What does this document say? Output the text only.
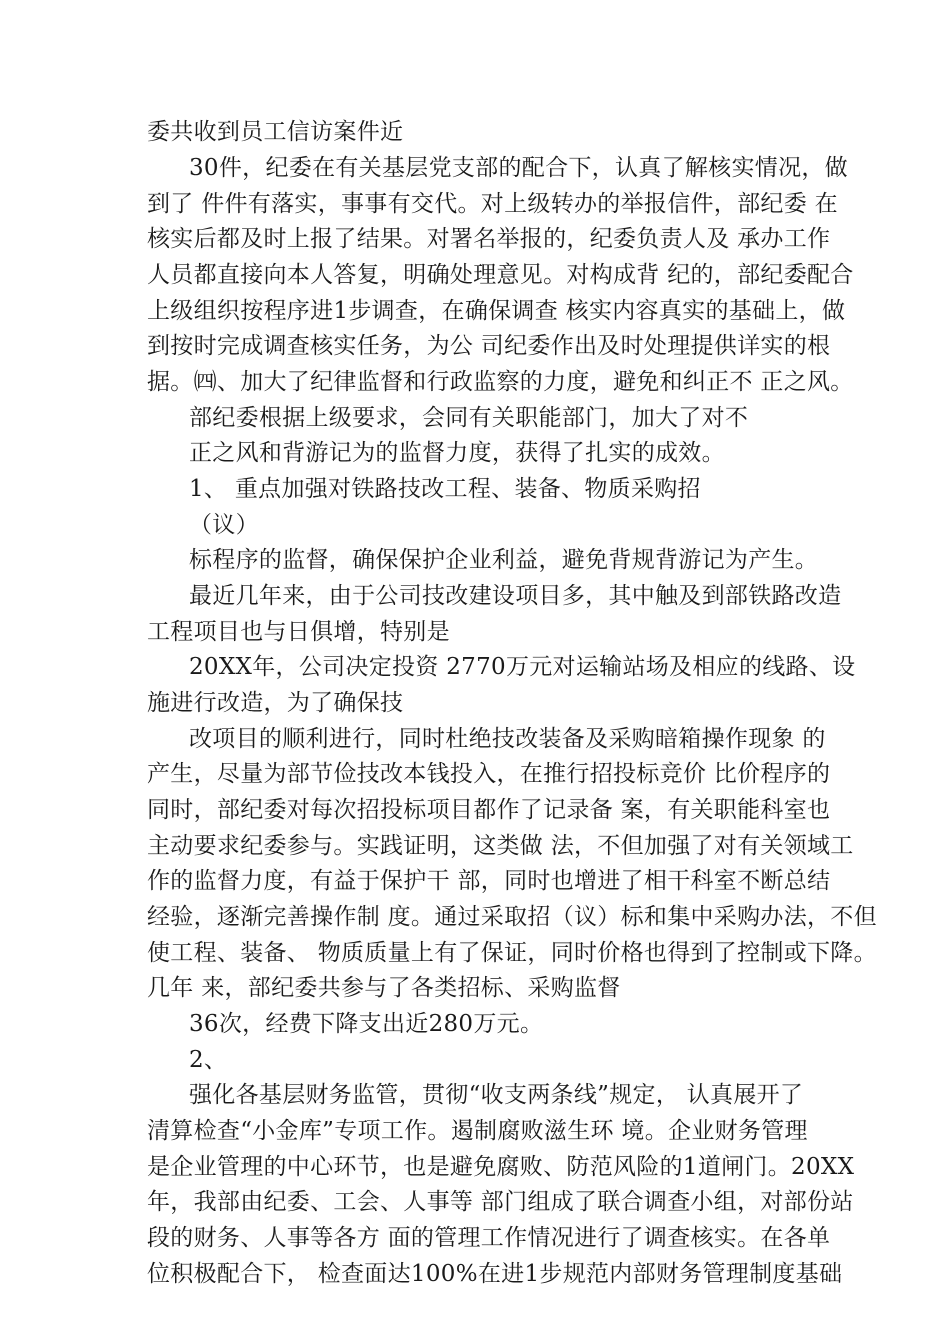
委共收到员工信访案件近
30件，纪委在有关基层党支部的配合下，认真了解核实情况，做
到了 件件有落实，事事有交代。对上级转办的举报信件，部纪委 在
核实后都及时上报了结果。对署名举报的，纪委负责人及 承办工作
人员都直接向本人答复，明确处理意见。对构成背 纪的，部纪委配合
上级组织按程序进1步调查，在确保调查 核实内容真实的基础上，做
到按时完成调查核实任务，为公 司纪委作出及时处理提供详实的根
据。㈣、加大了纪律监督和行政监察的力度，避免和纠正不 正之风。
部纪委根据上级要求，会同有关职能部门，加大了对不
正之风和背游记为的监督力度，获得了扎实的成效。
1、 重点加强对铁路技改工程、装备、物质采购招
（议）
标程序的监督，确保保护企业利益，避免背规背游记为产生。
最近几年来，由于公司技改建设项目多，其中触及到部铁路改造
工程项目也与日俱增，特别是
20XX年，公司决定投资 2770万元对运输站场及相应的线路、设
施进行改造，为了确保技
改项目的顺利进行，同时杜绝技改装备及采购暗箱操作现象 的
产生，尽量为部节俭技改本钱投入，在推行招投标竞价 比价程序的
同时，部纪委对每次招投标项目都作了记录备 案，有关职能科室也
主动要求纪委参与。实践证明，这类做 法，不但加强了对有关领域工
作的监督力度，有益于保护干 部，同时也增进了相干科室不断总结
经验，逐渐完善操作制 度。通过采取招（议）标和集中采购办法，不但
使工程、装备、 物质质量上有了保证，同时价格也得到了控制或下降。
几年 来，部纪委共参与了各类招标、采购监督
36次，经费下降支出近280万元。
2、
强化各基层财务监管，贯彻“收支两条线”规定， 认真展开了
清算检查“小金库”专项工作。遏制腐败滋生环 境。企业财务管理
是企业管理的中心环节，也是避免腐败、防范风险的1道闸门。20XX
年，我部由纪委、工会、人事等 部门组成了联合调查小组，对部份站
段的财务、人事等各方 面的管理工作情况进行了调查核实。在各单
位积极配合下， 检查面达100%在进1步规范内部财务管理制度基础
